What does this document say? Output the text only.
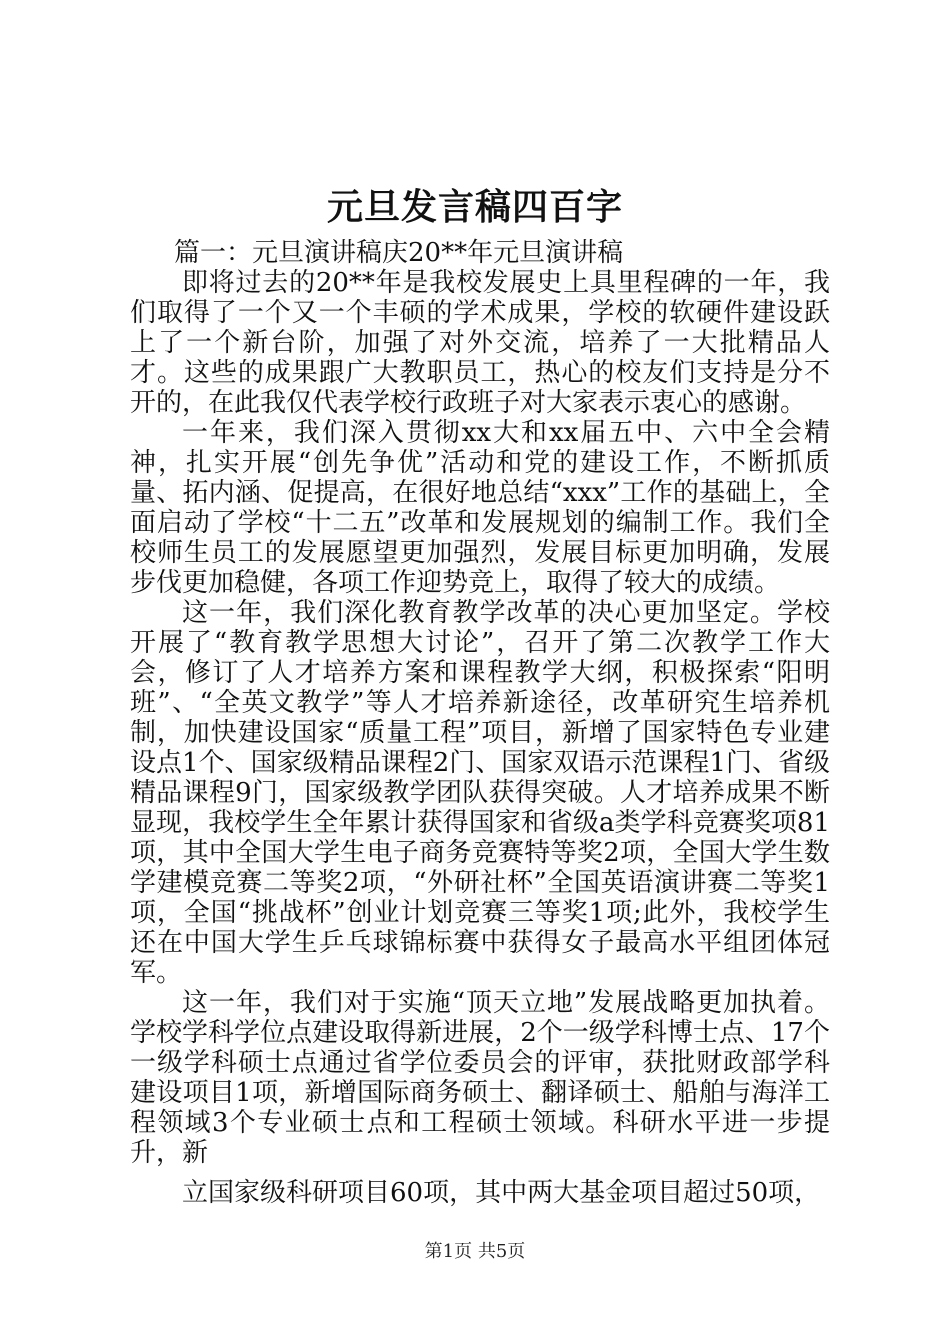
元旦发言稿四百字

篇一：元旦演讲稿庆20**年元旦演讲稿

即将过去的20**年是我校发展史上具里程碑的一年，我们取得了一个又一个丰硕的学术成果，学校的软硬件建设跃上了一个新台阶，加强了对外交流，培养了一大批精品人才。这些的成果跟广大教职员工，热心的校友们支持是分不开的，在此我仅代表学校行政班子对大家表示衷心的感谢。

一年来，我们深入贯彻xx大和xx届五中、六中全会精神，扎实开展“创先争优”活动和党的建设工作，不断抓质量、拓内涵、促提高，在很好地总结“xxx”工作的基础上，全面启动了学校“十二五”改革和发展规划的编制工作。我们全校师生员工的发展愿望更加强烈，发展目标更加明确，发展步伐更加稳健，各项工作迎势竞上，取得了较大的成绩。

这一年，我们深化教育教学改革的决心更加坚定。学校开展了“教育教学思想大讨论”，召开了第二次教学工作大会，修订了人才培养方案和课程教学大纲，积极探索“阳明班”、“全英文教学”等人才培养新途径，改革研究生培养机制，加快建设国家“质量工程”项目，新增了国家特色专业建设点1个、国家级精品课程2门、国家双语示范课程1门、省级精品课程9门，国家级教学团队获得突破。人才培养成果不断显现，我校学生全年累计获得国家和省级a类学科竞赛奖项81项，其中全国大学生电子商务竞赛特等奖2项，全国大学生数学建模竞赛二等奖2项，“外研社杯”全国英语演讲赛二等奖1项，全国“挑战杯”创业计划竞赛三等奖1项;此外，我校学生还在中国大学生乒乓球锦标赛中获得女子最高水平组团体冠军。

这一年，我们对于实施“顶天立地”发展战略更加执着。学校学科学位点建设取得新进展，2个一级学科博士点、17个一级学科硕士点通过省学位委员会的评审，获批财政部学科建设项目1项，新增国际商务硕士、翻译硕士、船舶与海洋工程领域3个专业硕士点和工程硕士领域。科研水平进一步提升，新

立国家级科研项目60项，其中两大基金项目超过50项，

第1页 共5页
